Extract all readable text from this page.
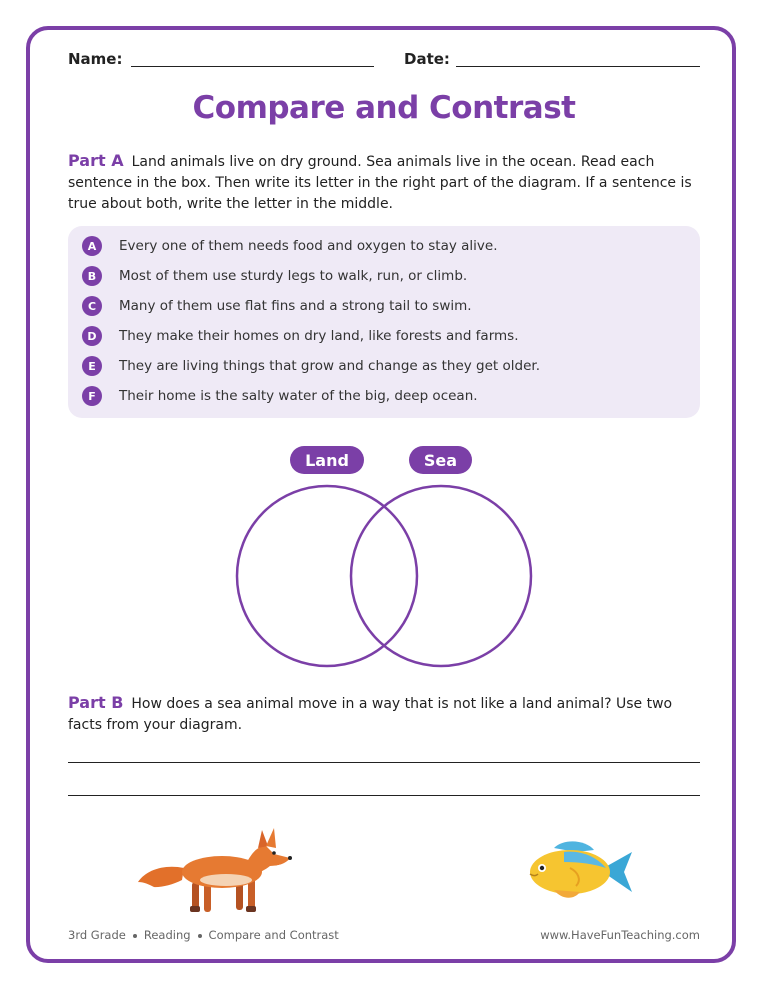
Name:	Date:
Compare and Contrast
Part A Land animals live on dry ground. Sea animals live in the ocean. Read each sentence in the box. Then write its letter in the right part of the diagram. If a sentence is true about both, write the letter in the middle.
A	Every one of them needs food and oxygen to stay alive.
B	Most of them use sturdy legs to walk, run, or climb.
C	Many of them use flat fins and a strong tail to swim.
D	They make their homes on dry land, like forests and farms.
E	They are living things that grow and change as they get older.
F	Their home is the salty water of the big, deep ocean.
Land	Sea
Part B How does a sea animal move in a way that is not like a land animal? Use two facts from your diagram.
3rd Grade Reading Compare and Contrast	www.HaveFunTeaching.com
